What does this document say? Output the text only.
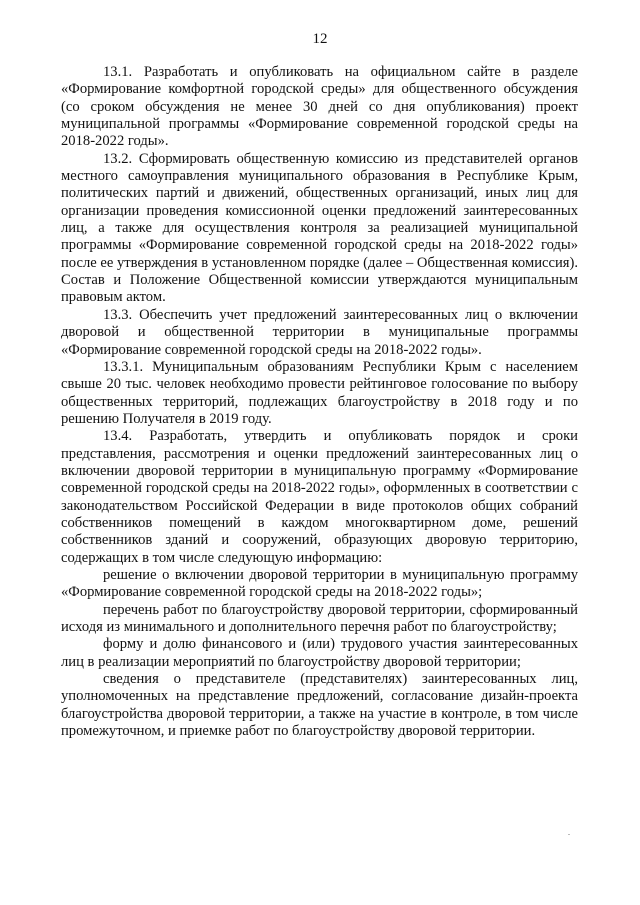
12

13.1. Разработать и опубликовать на официальном сайте в разделе «Формирование комфортной городской среды» для общественного обсуждения (со сроком обсуждения не менее 30 дней со дня опубликования) проект муниципальной программы «Формирование современной городской среды на 2018-2022 годы».

13.2. Сформировать общественную комиссию из представителей органов местного самоуправления муниципального образования в Республике Крым, политических партий и движений, общественных организаций, иных лиц для организации проведения комиссионной оценки предложений заинтересованных лиц, а также для осуществления контроля за реализацией муниципальной программы «Формирование современной городской среды на 2018-2022 годы» после ее утверждения в установленном порядке (далее – Общественная комиссия). Состав и Положение Общественной комиссии утверждаются муниципальным правовым актом.

13.3. Обеспечить учет предложений заинтересованных лиц о включении дворовой и общественной территории в муниципальные программы «Формирование современной городской среды на 2018-2022 годы».

13.3.1. Муниципальным образованиям Республики Крым с населением свыше 20 тыс. человек необходимо провести рейтинговое голосование по выбору общественных территорий, подлежащих благоустройству в 2018 году и по решению Получателя в 2019 году.

13.4. Разработать, утвердить и опубликовать порядок и сроки представления, рассмотрения и оценки предложений заинтересованных лиц о включении дворовой территории в муниципальную программу «Формирование современной городской среды на 2018-2022 годы», оформленных в соответствии с законодательством Российской Федерации в виде протоколов общих собраний собственников помещений в каждом многоквартирном доме, решений собственников зданий и сооружений, образующих дворовую территорию, содержащих в том числе следующую информацию:

решение о включении дворовой территории в муниципальную программу «Формирование современной городской среды на 2018-2022 годы»;

перечень работ по благоустройству дворовой территории, сформированный исходя из минимального и дополнительного перечня работ по благоустройству;

форму и долю финансового и (или) трудового участия заинтересованных лиц в реализации мероприятий по благоустройству дворовой территории;

сведения о представителе (представителях) заинтересованных лиц, уполномоченных на представление предложений, согласование дизайн-проекта благоустройства дворовой территории, а также на участие в контроле, в том числе промежуточном, и приемке работ по благоустройству дворовой территории.
